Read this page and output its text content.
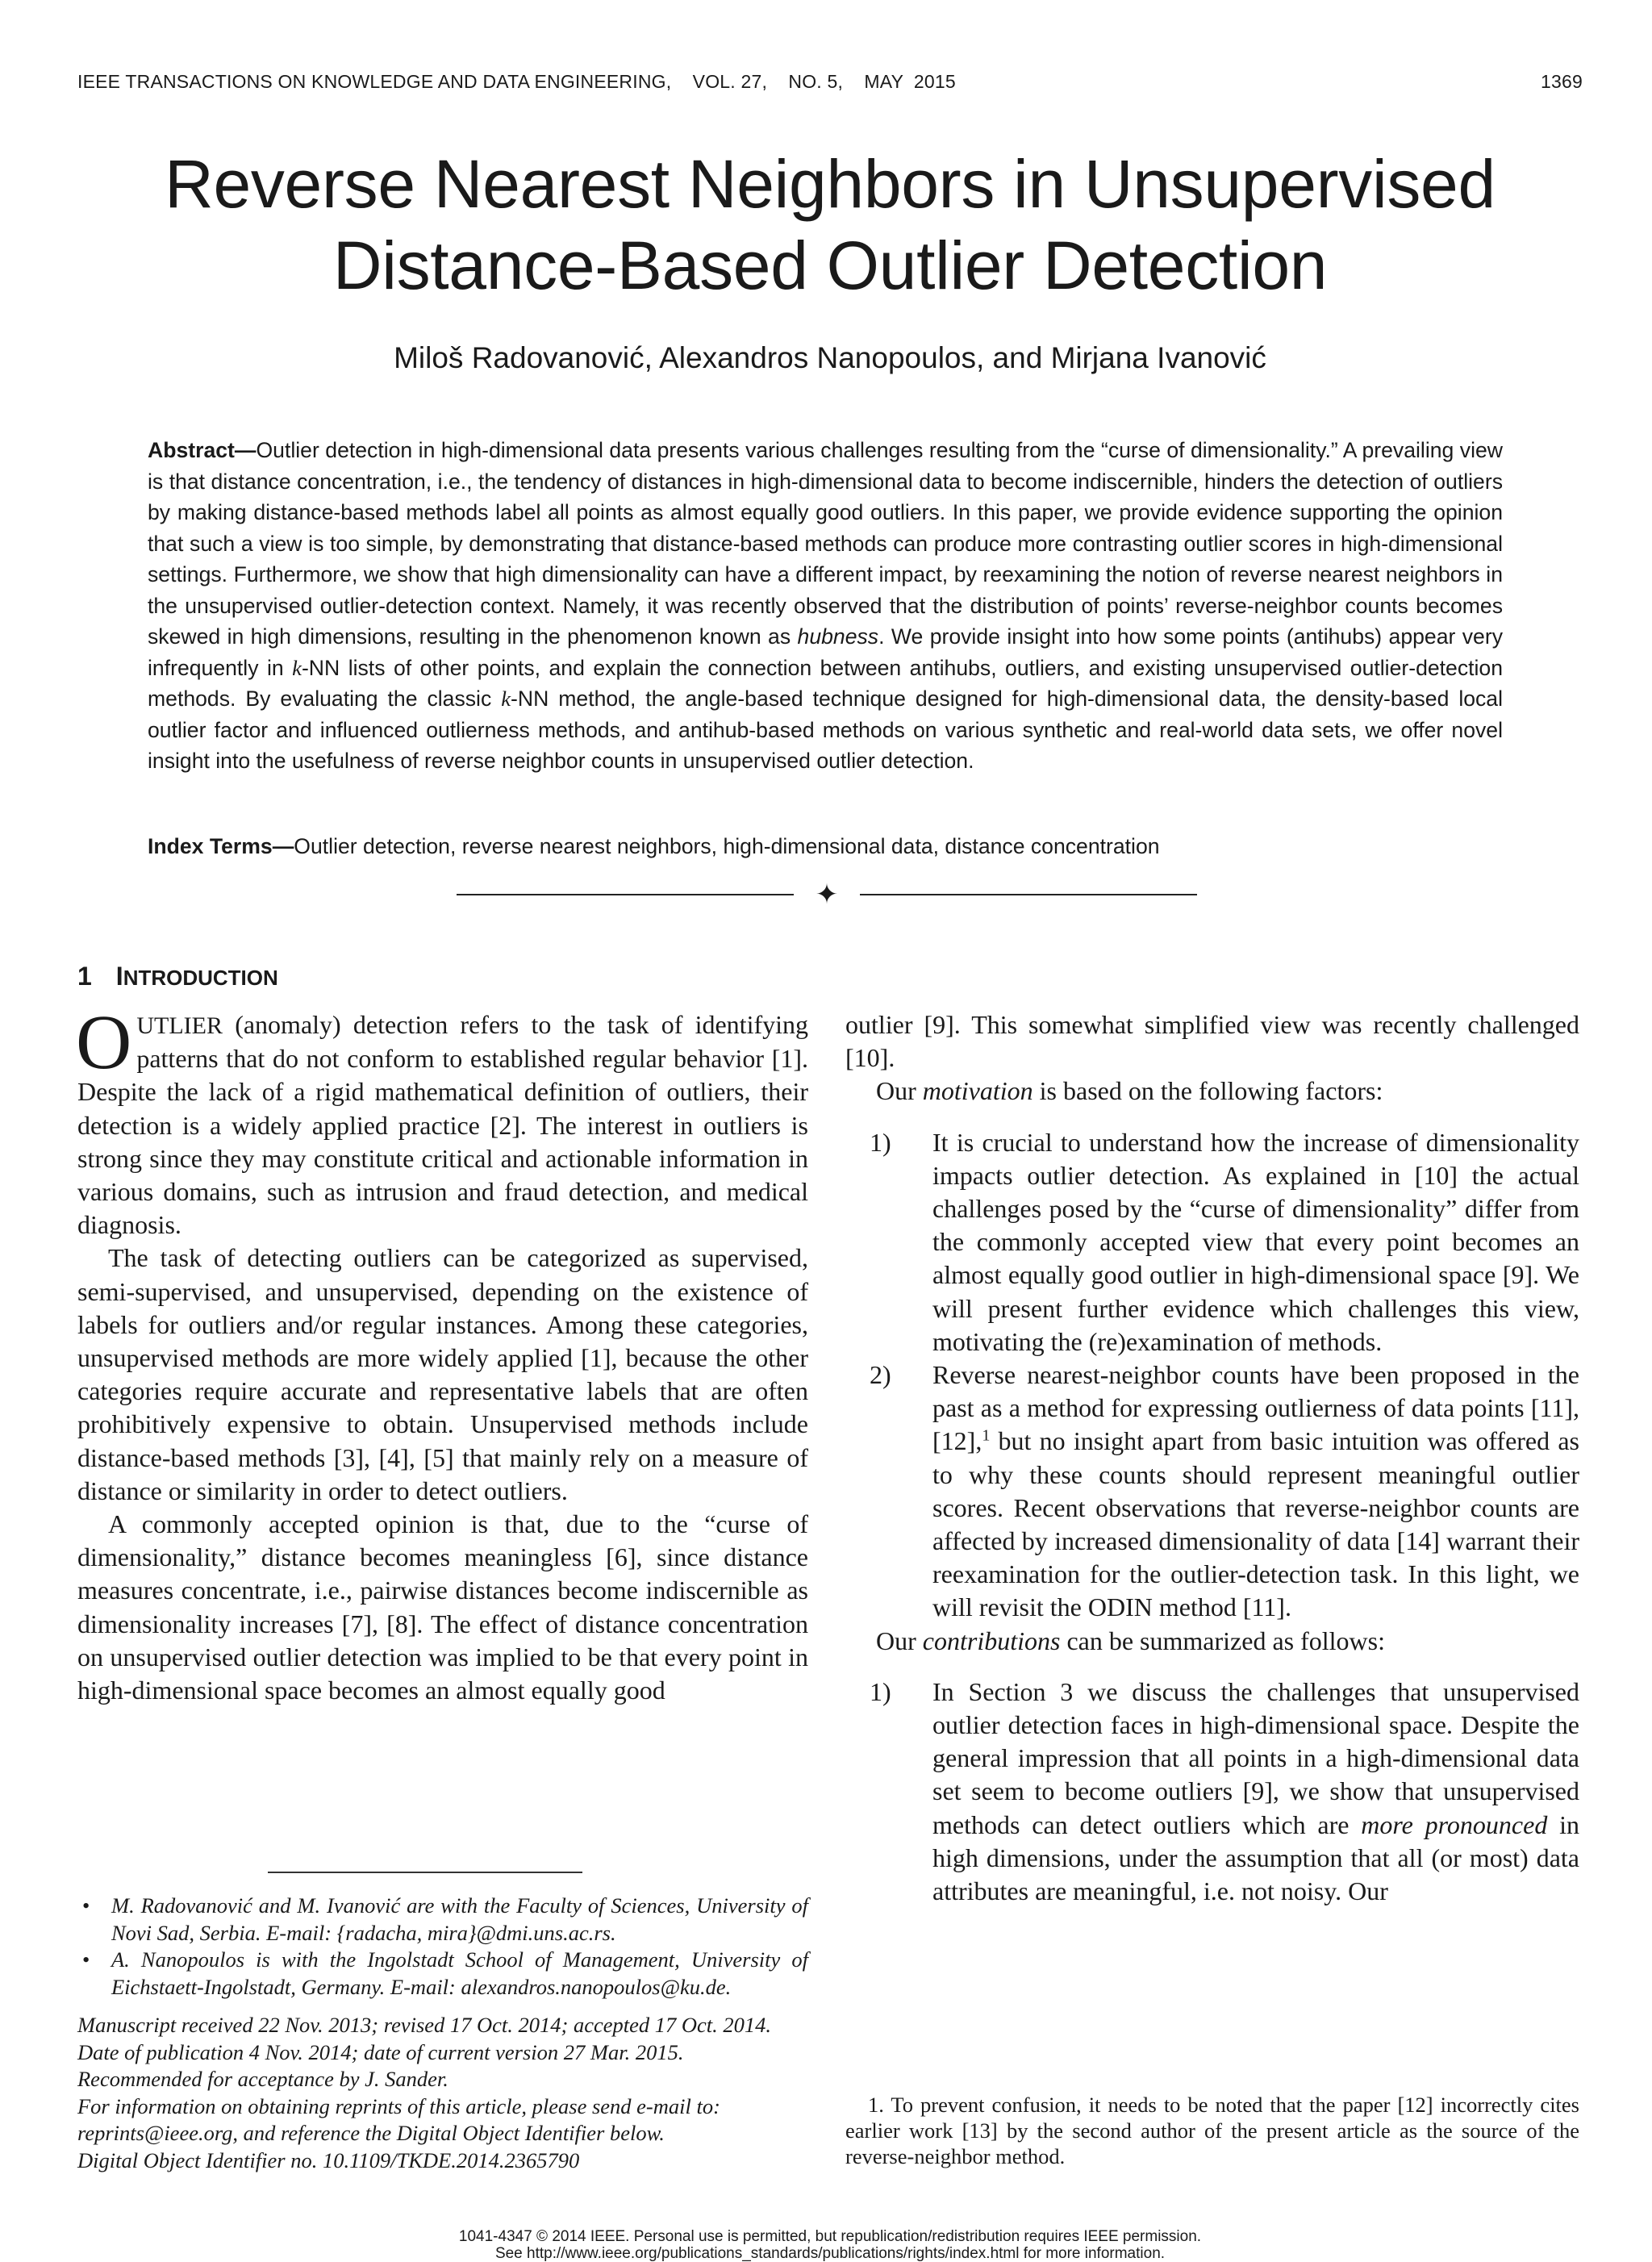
IEEE TRANSACTIONS ON KNOWLEDGE AND DATA ENGINEERING,    VOL. 27,    NO. 5,    MAY  2015	1369
Reverse Nearest Neighbors in Unsupervised
Distance-Based Outlier Detection
Miloš Radovanović, Alexandros Nanopoulos, and Mirjana Ivanović
Abstract—Outlier detection in high-dimensional data presents various challenges resulting from the “curse of dimensionality.” A prevailing view is that distance concentration, i.e., the tendency of distances in high-dimensional data to become indiscernible, hinders the detection of outliers by making distance-based methods label all points as almost equally good outliers. In this paper, we provide evidence supporting the opinion that such a view is too simple, by demonstrating that distance-based methods can produce more contrasting outlier scores in high-dimensional settings. Furthermore, we show that high dimensionality can have a different impact, by reexamining the notion of reverse nearest neighbors in the unsupervised outlier-detection context. Namely, it was recently observed that the distribution of points’ reverse-neighbor counts becomes skewed in high dimensions, resulting in the phenomenon known as hubness. We provide insight into how some points (antihubs) appear very infrequently in k-NN lists of other points, and explain the connection between antihubs, outliers, and existing unsupervised outlier-detection methods. By evaluating the classic k-NN method, the angle-based technique designed for high-dimensional data, the density-based local outlier factor and influenced outlierness methods, and antihub-based methods on various synthetic and real-world data sets, we offer novel insight into the usefulness of reverse neighbor counts in unsupervised outlier detection.
Index Terms—Outlier detection, reverse nearest neighbors, high-dimensional data, distance concentration
✦
1 INTRODUCTION

OUTLIER (anomaly) detection refers to the task of identifying patterns that do not conform to established regular behavior [1]. Despite the lack of a rigid mathematical definition of outliers, their detection is a widely applied practice [2]. The interest in outliers is strong since they may constitute critical and actionable information in various domains, such as intrusion and fraud detection, and medical diagnosis.

The task of detecting outliers can be categorized as supervised, semi-supervised, and unsupervised, depending on the existence of labels for outliers and/or regular instances. Among these categories, unsupervised methods are more widely applied [1], because the other categories require accurate and representative labels that are often prohibitively expensive to obtain. Unsupervised methods include distance-based methods [3], [4], [5] that mainly rely on a measure of distance or similarity in order to detect outliers.

A commonly accepted opinion is that, due to the “curse of dimensionality,” distance becomes meaningless [6], since distance measures concentrate, i.e., pairwise distances become indiscernible as dimensionality increases [7], [8]. The effect of distance concentration on unsupervised outlier detection was implied to be that every point in high-dimensional space becomes an almost equally good

outlier [9]. This somewhat simplified view was recently challenged [10].

Our motivation is based on the following factors:

1) It is crucial to understand how the increase of dimensionality impacts outlier detection. As explained in [10] the actual challenges posed by the “curse of dimensionality” differ from the commonly accepted view that every point becomes an almost equally good outlier in high-dimensional space [9]. We will present further evidence which challenges this view, motivating the (re)examination of methods.
2) Reverse nearest-neighbor counts have been proposed in the past as a method for expressing outlierness of data points [11], [12],$^1$ but no insight apart from basic intuition was offered as to why these counts should represent meaningful outlier scores. Recent observations that reverse-neighbor counts are affected by increased dimensionality of data [14] warrant their reexamination for the outlier-detection task. In this light, we will revisit the ODIN method [11].

Our contributions can be summarized as follows:

1) In Section 3 we discuss the challenges that unsupervised outlier detection faces in high-dimensional space. Despite the general impression that all points in a high-dimensional data set seem to become outliers [9], we show that unsupervised methods can detect outliers which are more pronounced in high dimensions, under the assumption that all (or most) data attributes are meaningful, i.e. not noisy. Our
• M. Radovanović and M. Ivanović are with the Faculty of Sciences, University of Novi Sad, Serbia. E-mail: {radacha, mira}@dmi.uns.ac.rs.
• A. Nanopoulos is with the Ingolstadt School of Management, University of Eichstaett-Ingolstadt, Germany. E-mail: alexandros.nanopoulos@ku.de.
Manuscript received 22 Nov. 2013; revised 17 Oct. 2014; accepted 17 Oct. 2014. Date of publication 4 Nov. 2014; date of current version 27 Mar. 2015.
Recommended for acceptance by J. Sander.
For information on obtaining reprints of this article, please send e-mail to: reprints@ieee.org, and reference the Digital Object Identifier below.
Digital Object Identifier no. 10.1109/TKDE.2014.2365790
1. To prevent confusion, it needs to be noted that the paper [12] incorrectly cites earlier work [13] by the second author of the present article as the source of the reverse-neighbor method.
1041-4347 © 2014 IEEE. Personal use is permitted, but republication/redistribution requires IEEE permission.
See http://www.ieee.org/publications_standards/publications/rights/index.html for more information.
